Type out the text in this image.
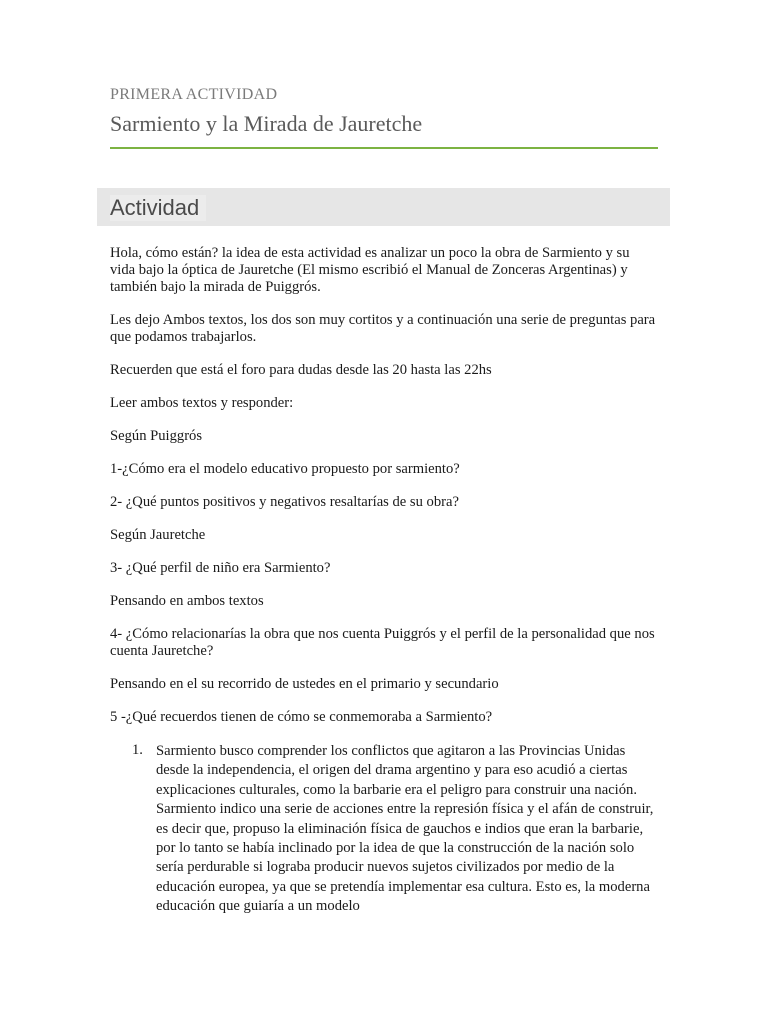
PRIMERA ACTIVIDAD
Sarmiento y la Mirada de Jauretche
Actividad

Hola, cómo están? la idea de esta actividad es analizar un poco la obra de Sarmiento y su vida bajo la óptica de Jauretche (El mismo escribió el Manual de Zonceras Argentinas) y también bajo la mirada de Puiggrós.

Les dejo Ambos textos, los dos son muy cortitos y a continuación una serie de preguntas para que podamos trabajarlos.

Recuerden que está el foro para dudas desde las 20 hasta las 22hs

Leer ambos textos y responder:

Según Puiggrós

1-¿Cómo era el modelo educativo propuesto por sarmiento?

2- ¿Qué puntos positivos y negativos resaltarías de su obra?

Según Jauretche

3- ¿Qué perfil de niño era Sarmiento?

Pensando en ambos textos

4- ¿Cómo relacionarías la obra que nos cuenta Puiggrós y el perfil de la personalidad que nos cuenta Jauretche?

Pensando en el su recorrido de ustedes en el primario y secundario

5 -¿Qué recuerdos tienen de cómo se conmemoraba a Sarmiento?

1. Sarmiento busco comprender los conflictos que agitaron a las Provincias Unidas desde la independencia, el origen del drama argentino y para eso acudió a ciertas explicaciones culturales, como la barbarie era el peligro para construir una nación. Sarmiento indico una serie de acciones entre la represión física y el afán de construir, es decir que, propuso la eliminación física de gauchos e indios que eran la barbarie, por lo tanto se había inclinado por la idea de que la construcción de la nación solo sería perdurable si lograba producir nuevos sujetos civilizados por medio de la educación europea, ya que se pretendía implementar esa cultura. Esto es, la moderna educación que guiaría a un modelo
